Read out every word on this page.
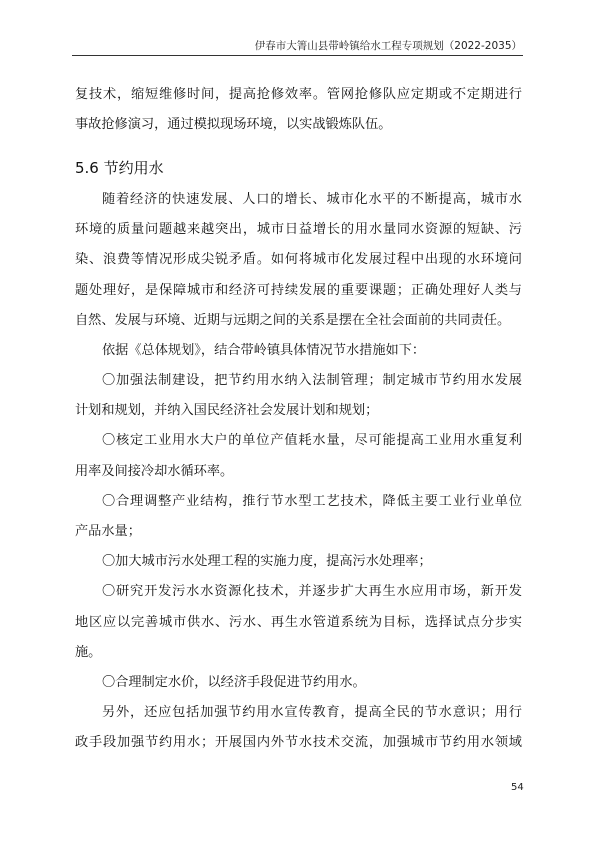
伊春市大箐山县带岭镇给水工程专项规划（2022-2035）
复技术，缩短维修时间，提高抢修效率。管网抢修队应定期或不定期进行
事故抢修演习，通过模拟现场环境，以实战锻炼队伍。
5.6 节约用水
随着经济的快速发展、人口的增长、城市化水平的不断提高，城市水
环境的质量问题越来越突出，城市日益增长的用水量同水资源的短缺、污
染、浪费等情况形成尖锐矛盾。如何将城市化发展过程中出现的水环境问
题处理好，是保障城市和经济可持续发展的重要课题；正确处理好人类与
自然、发展与环境、近期与远期之间的关系是摆在全社会面前的共同责任。
依据《总体规划》，结合带岭镇具体情况节水措施如下：
〇加强法制建设，把节约用水纳入法制管理；制定城市节约用水发展
计划和规划，并纳入国民经济社会发展计划和规划；
〇核定工业用水大户的单位产值耗水量，尽可能提高工业用水重复利
用率及间接冷却水循环率。
〇合理调整产业结构，推行节水型工艺技术，降低主要工业行业单位
产品水量；
〇加大城市污水处理工程的实施力度，提高污水处理率；
〇研究开发污水水资源化技术，并逐步扩大再生水应用市场，新开发
地区应以完善城市供水、污水、再生水管道系统为目标，选择试点分步实
施。
〇合理制定水价，以经济手段促进节约用水。
另外，还应包括加强节约用水宣传教育，提高全民的节水意识；用行
政手段加强节约用水；开展国内外节水技术交流，加强城市节约用水领域
54
